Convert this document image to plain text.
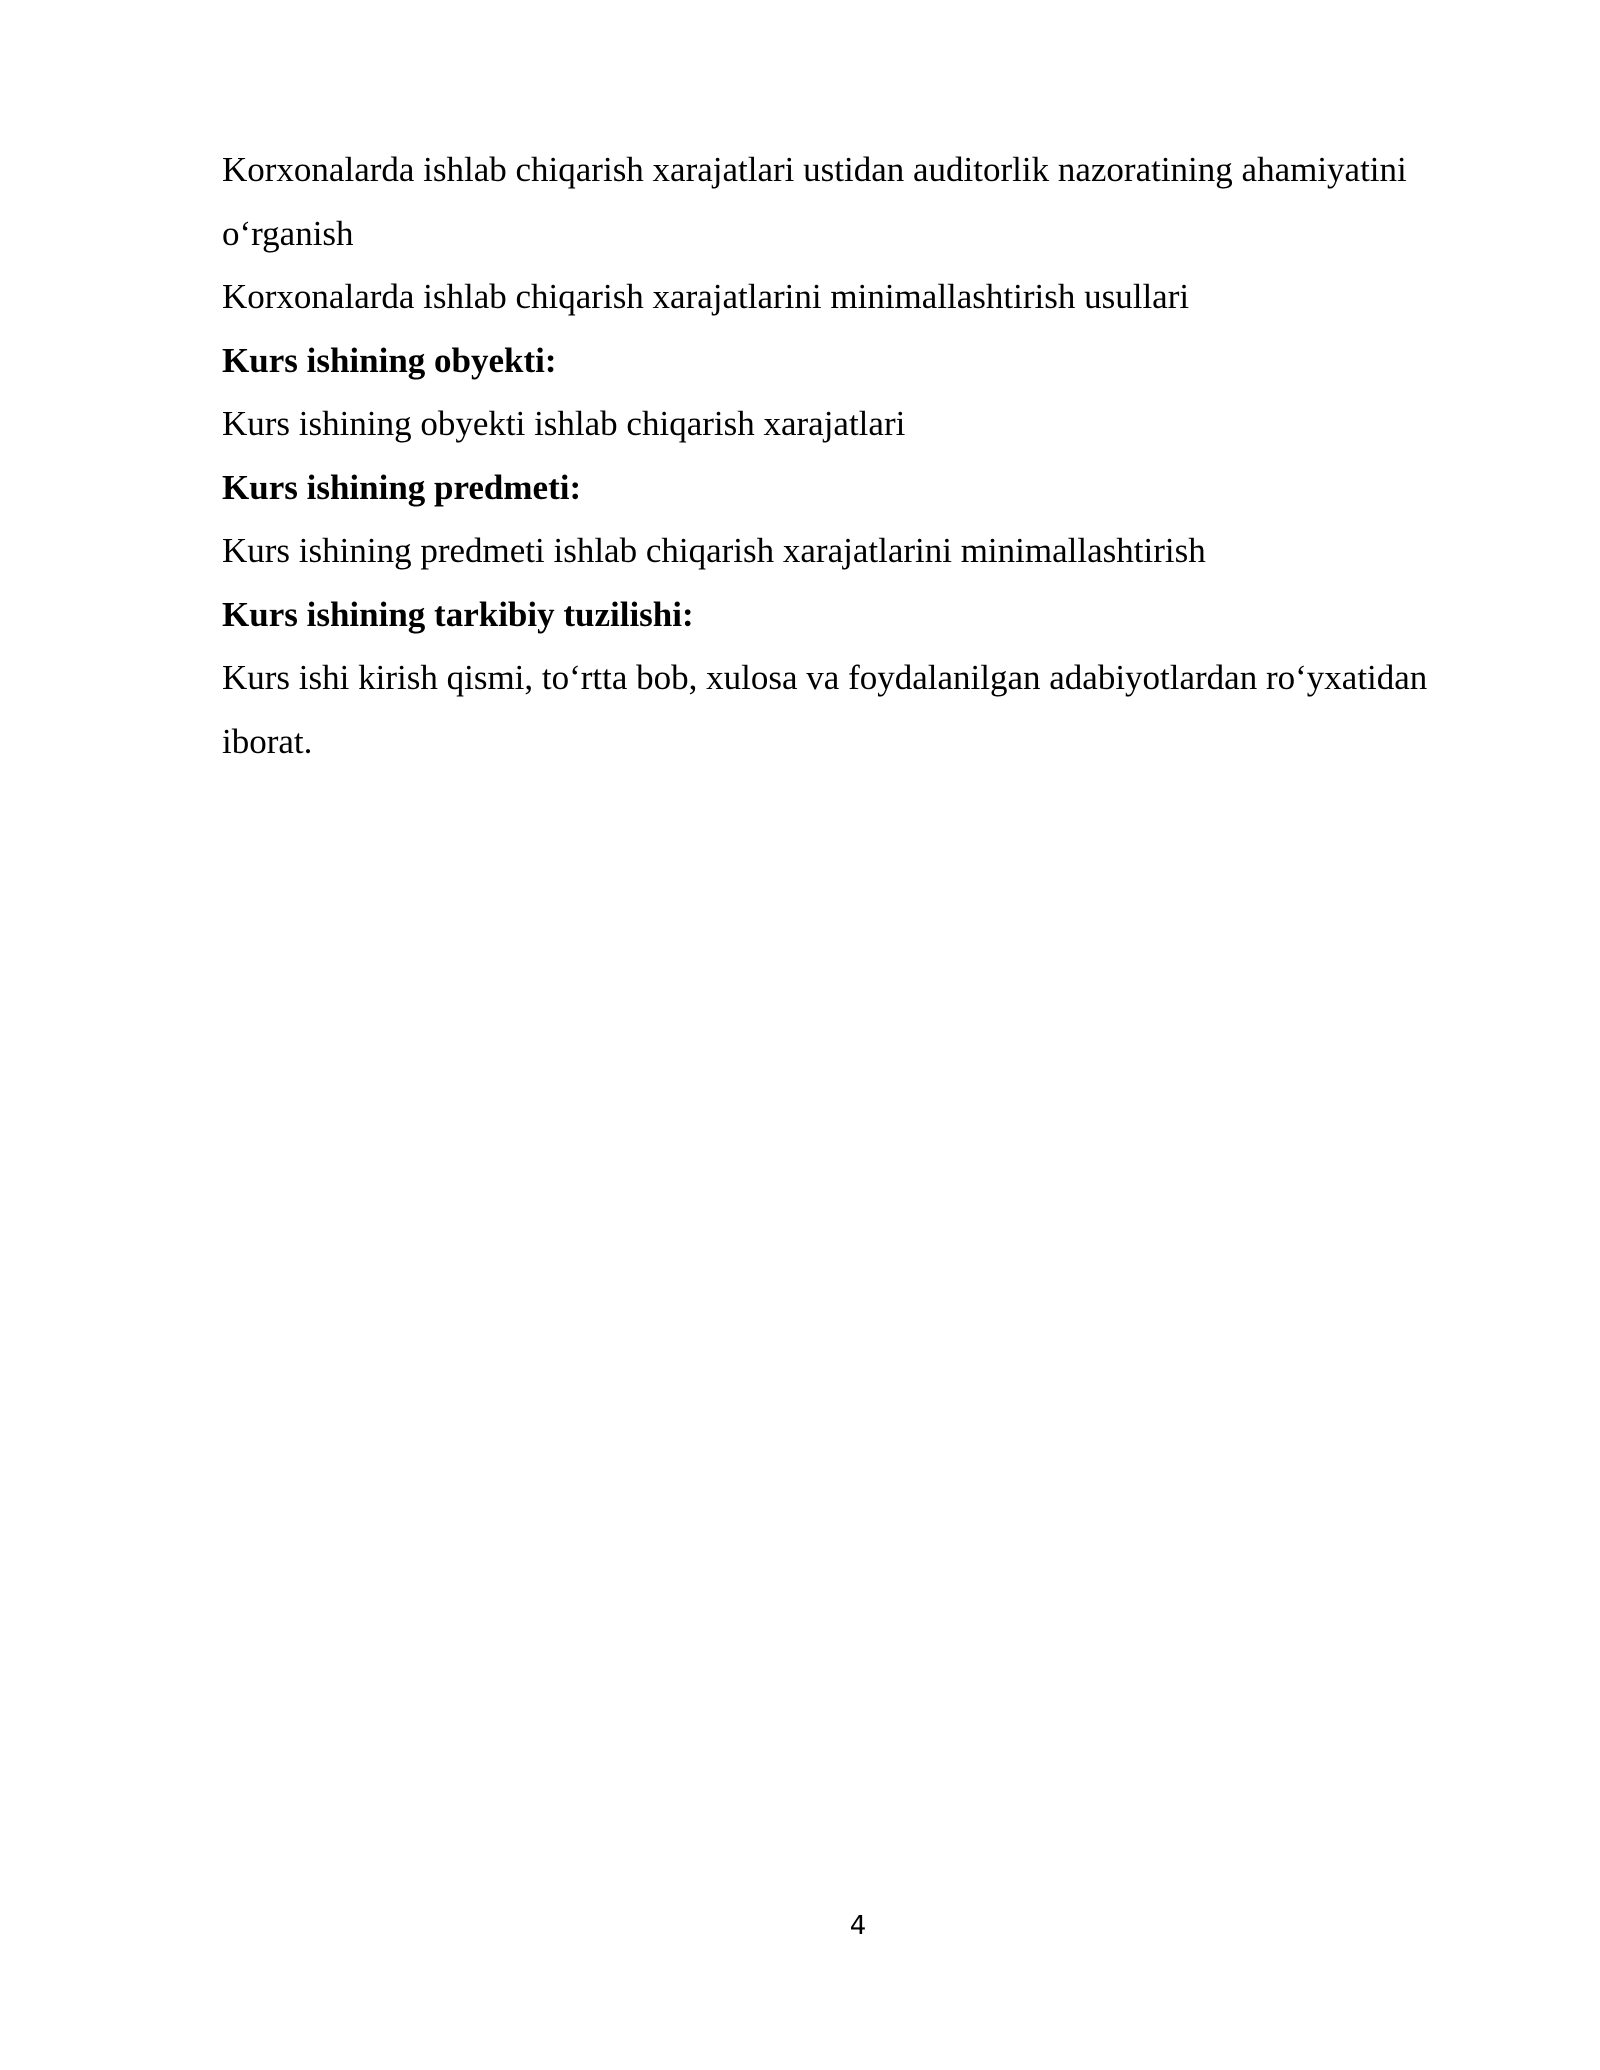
Korxonalarda ishlab chiqarish xarajatlari ustidan auditorlik nazoratining ahamiyatini o‘rganish

Korxonalarda ishlab chiqarish xarajatlarini minimallashtirish usullari

Kurs ishining obyekti:

Kurs ishining obyekti ishlab chiqarish xarajatlari

Kurs ishining predmeti:

Kurs ishining predmeti ishlab chiqarish xarajatlarini minimallashtirish

Kurs ishining tarkibiy tuzilishi:

Kurs ishi kirish qismi, to‘rtta bob, xulosa va foydalanilgan adabiyotlardan ro‘yxatidan iborat.

4
